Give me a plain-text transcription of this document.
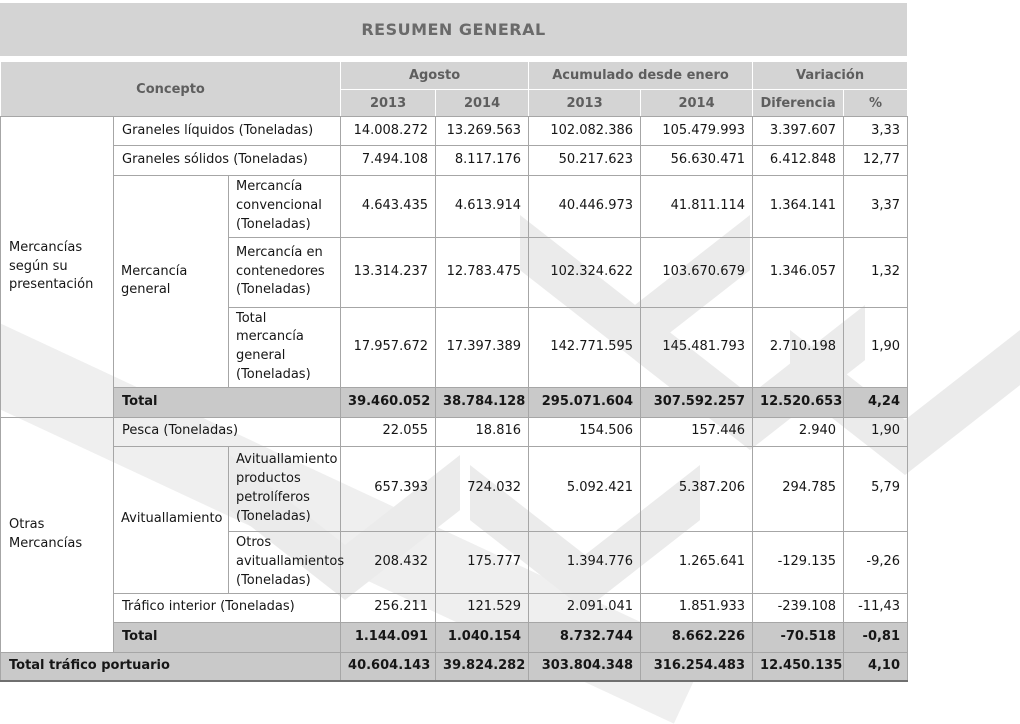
RESUMEN GENERAL
Concepto			Agosto		Acumulado desde enero		Variación	
			2013	2014	2013	2014	Diferencia	%
Mercancías según su presentación	Graneles líquidos (Toneladas)		14.008.272	13.269.563	102.082.386	105.479.993	3.397.607	3,33
	Graneles sólidos (Toneladas)		7.494.108	8.117.176	50.217.623	56.630.471	6.412.848	12,77
	Mercancía general	Mercancía convencional (Toneladas)	4.643.435	4.613.914	40.446.973	41.811.114	1.364.141	3,37
		Mercancía en contenedores (Toneladas)	13.314.237	12.783.475	102.324.622	103.670.679	1.346.057	1,32
		Total mercancía general (Toneladas)	17.957.672	17.397.389	142.771.595	145.481.793	2.710.198	1,90
	Total		39.460.052	38.784.128	295.071.604	307.592.257	12.520.653	4,24
Otras Mercancías	Pesca (Toneladas)		22.055	18.816	154.506	157.446	2.940	1,90
	Avituallamiento	Avituallamiento productos petrolíferos (Toneladas)	657.393	724.032	5.092.421	5.387.206	294.785	5,79
		Otros avituallamientos (Toneladas)	208.432	175.777	1.394.776	1.265.641	-129.135	-9,26
	Tráfico interior (Toneladas)		256.211	121.529	2.091.041	1.851.933	-239.108	-11,43
	Total		1.144.091	1.040.154	8.732.744	8.662.226	-70.518	-0,81
Total tráfico portuario			40.604.143	39.824.282	303.804.348	316.254.483	12.450.135	4,10
